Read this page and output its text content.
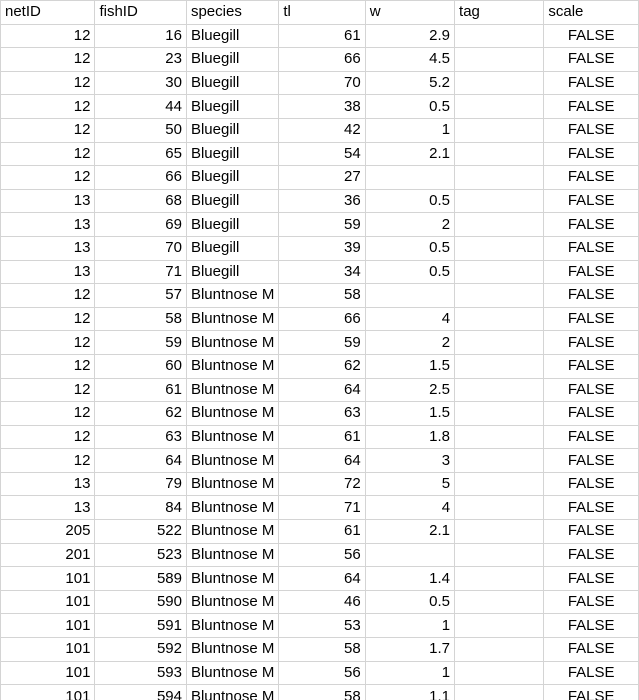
netID	fishID	species	tl	w	tag	scale
12	16	Bluegill	61	2.9		FALSE
12	23	Bluegill	66	4.5		FALSE
12	30	Bluegill	70	5.2		FALSE
12	44	Bluegill	38	0.5		FALSE
12	50	Bluegill	42	1		FALSE
12	65	Bluegill	54	2.1		FALSE
12	66	Bluegill	27			FALSE
13	68	Bluegill	36	0.5		FALSE
13	69	Bluegill	59	2		FALSE
13	70	Bluegill	39	0.5		FALSE
13	71	Bluegill	34	0.5		FALSE
12	57	Bluntnose M	58			FALSE
12	58	Bluntnose M	66	4		FALSE
12	59	Bluntnose M	59	2		FALSE
12	60	Bluntnose M	62	1.5		FALSE
12	61	Bluntnose M	64	2.5		FALSE
12	62	Bluntnose M	63	1.5		FALSE
12	63	Bluntnose M	61	1.8		FALSE
12	64	Bluntnose M	64	3		FALSE
13	79	Bluntnose M	72	5		FALSE
13	84	Bluntnose M	71	4		FALSE
205	522	Bluntnose M	61	2.1		FALSE
201	523	Bluntnose M	56			FALSE
101	589	Bluntnose M	64	1.4		FALSE
101	590	Bluntnose M	46	0.5		FALSE
101	591	Bluntnose M	53	1		FALSE
101	592	Bluntnose M	58	1.7		FALSE
101	593	Bluntnose M	56	1		FALSE
101	594	Bluntnose M	58	1.1		FALSE
